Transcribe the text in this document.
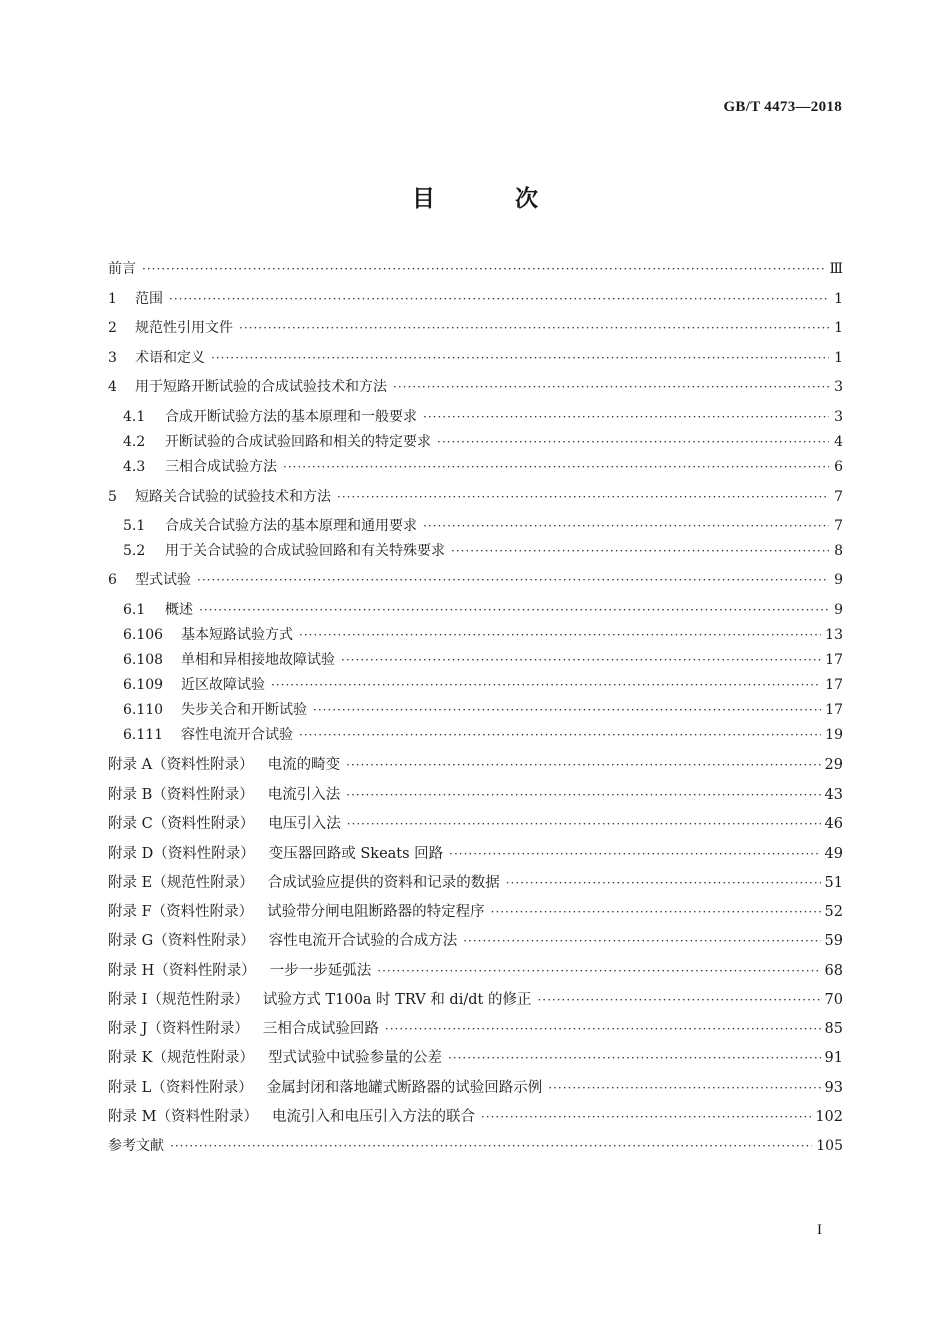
GB/T 4473—2018
目 次
前言 ·····	Ⅲ
1	范围 ·····	1
2	规范性引用文件 ·····	1
3	术语和定义 ·····	1
4	用于短路开断试验的合成试验技术和方法 ·····	3
4.1	合成开断试验方法的基本原理和一般要求 ·····	3
4.2	开断试验的合成试验回路和相关的特定要求 ·····	4
4.3	三相合成试验方法 ·····	6
5	短路关合试验的试验技术和方法 ·····	7
5.1	合成关合试验方法的基本原理和通用要求 ·····	7
5.2	用于关合试验的合成试验回路和有关特殊要求 ·····	8
6	型式试验 ·····	9
6.1	概述 ·····	9
6.106	基本短路试验方式 ·····	13
6.108	单相和异相接地故障试验 ·····	17
6.109	近区故障试验 ·····	17
6.110	失步关合和开断试验 ·····	17
6.111	容性电流开合试验 ·····	19
附录 A（资料性附录） 电流的畸变 ·····	29
附录 B（资料性附录） 电流引入法 ·····	43
附录 C（资料性附录） 电压引入法 ·····	46
附录 D（资料性附录） 变压器回路或 Skeats 回路 ·····	49
附录 E（规范性附录） 合成试验应提供的资料和记录的数据 ·····	51
附录 F（资料性附录） 试验带分闸电阻断路器的特定程序 ·····	52
附录 G（资料性附录） 容性电流开合试验的合成方法 ·····	59
附录 H（资料性附录） 一步一步延弧法 ·····	68
附录 I（规范性附录） 试验方式 T100a 时 TRV 和 di/dt 的修正 ·····	70
附录 J（资料性附录） 三相合成试验回路 ·····	85
附录 K（规范性附录） 型式试验中试验参量的公差 ·····	91
附录 L（资料性附录） 金属封闭和落地罐式断路器的试验回路示例 ·····	93
附录 M（资料性附录） 电流引入和电压引入方法的联合 ·····	102
参考文献 ·····	105
I
